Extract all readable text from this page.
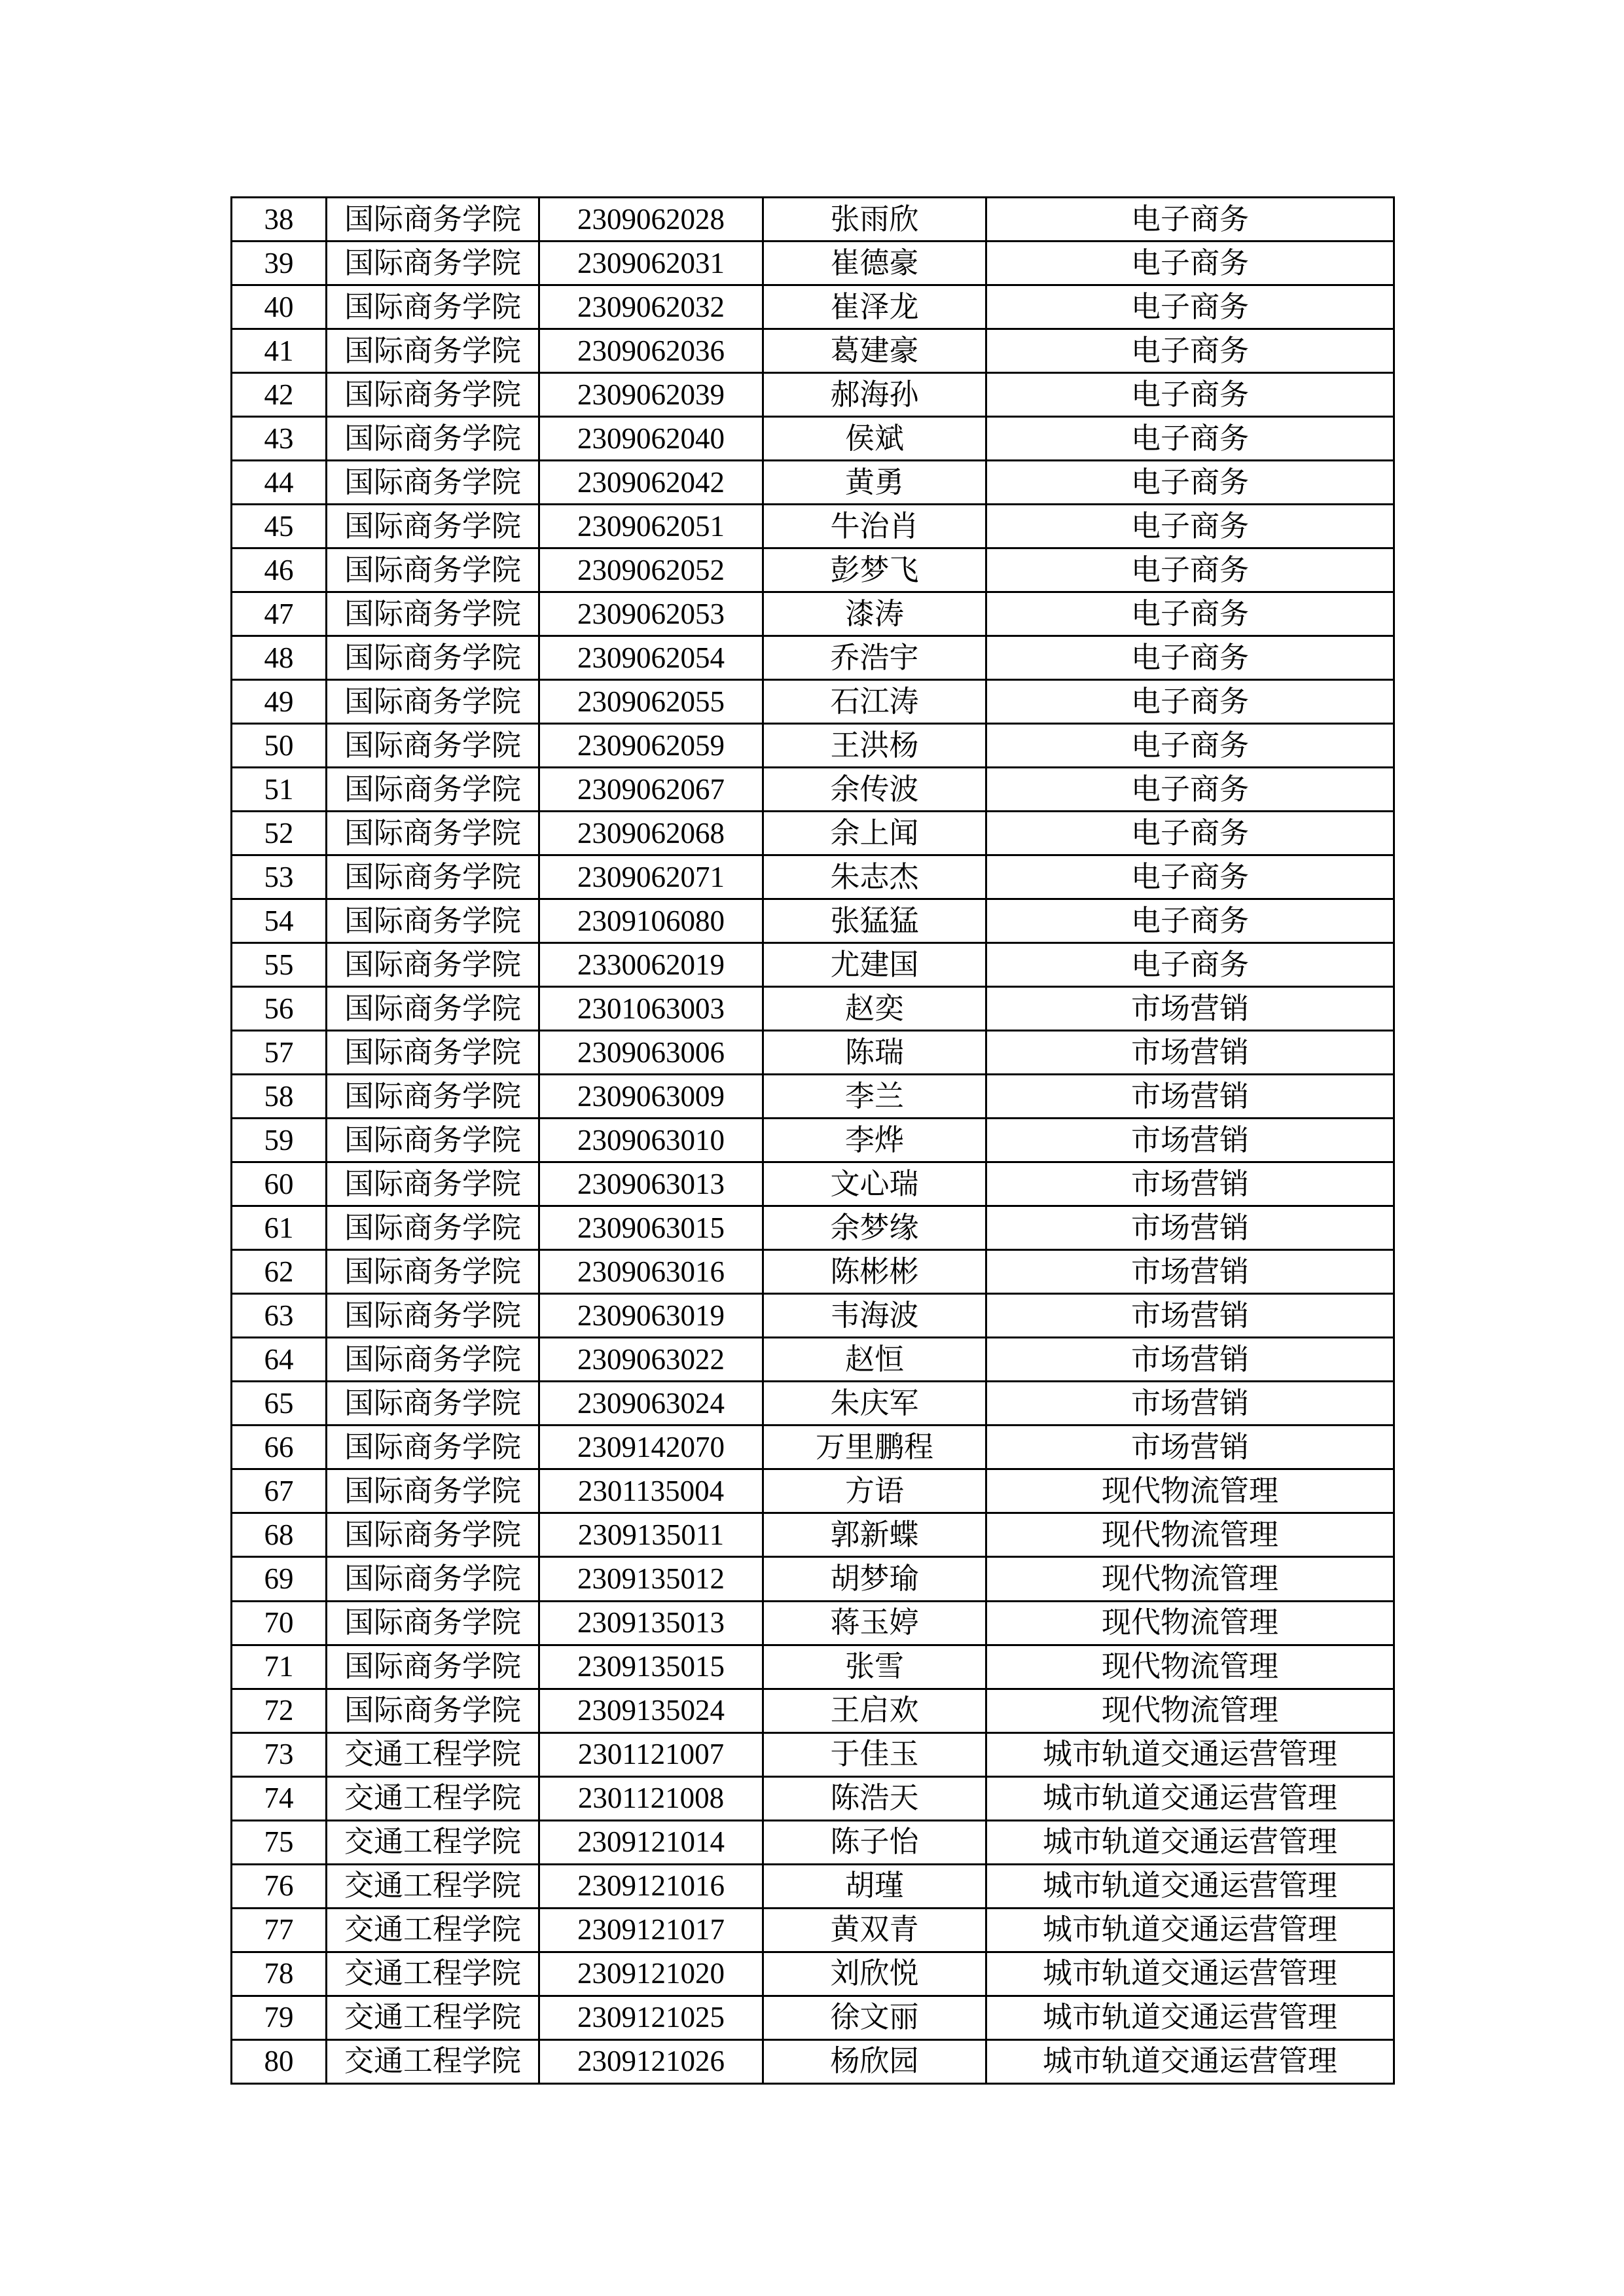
38	国际商务学院	2309062028	张雨欣	电子商务
39	国际商务学院	2309062031	崔德豪	电子商务
40	国际商务学院	2309062032	崔泽龙	电子商务
41	国际商务学院	2309062036	葛建豪	电子商务
42	国际商务学院	2309062039	郝海孙	电子商务
43	国际商务学院	2309062040	侯斌	电子商务
44	国际商务学院	2309062042	黄勇	电子商务
45	国际商务学院	2309062051	牛治肖	电子商务
46	国际商务学院	2309062052	彭梦飞	电子商务
47	国际商务学院	2309062053	漆涛	电子商务
48	国际商务学院	2309062054	乔浩宇	电子商务
49	国际商务学院	2309062055	石江涛	电子商务
50	国际商务学院	2309062059	王洪杨	电子商务
51	国际商务学院	2309062067	余传波	电子商务
52	国际商务学院	2309062068	余上闻	电子商务
53	国际商务学院	2309062071	朱志杰	电子商务
54	国际商务学院	2309106080	张猛猛	电子商务
55	国际商务学院	2330062019	尤建国	电子商务
56	国际商务学院	2301063003	赵奕	市场营销
57	国际商务学院	2309063006	陈瑞	市场营销
58	国际商务学院	2309063009	李兰	市场营销
59	国际商务学院	2309063010	李烨	市场营销
60	国际商务学院	2309063013	文心瑞	市场营销
61	国际商务学院	2309063015	余梦缘	市场营销
62	国际商务学院	2309063016	陈彬彬	市场营销
63	国际商务学院	2309063019	韦海波	市场营销
64	国际商务学院	2309063022	赵恒	市场营销
65	国际商务学院	2309063024	朱庆军	市场营销
66	国际商务学院	2309142070	万里鹏程	市场营销
67	国际商务学院	2301135004	方语	现代物流管理
68	国际商务学院	2309135011	郭新蝶	现代物流管理
69	国际商务学院	2309135012	胡梦瑜	现代物流管理
70	国际商务学院	2309135013	蒋玉婷	现代物流管理
71	国际商务学院	2309135015	张雪	现代物流管理
72	国际商务学院	2309135024	王启欢	现代物流管理
73	交通工程学院	2301121007	于佳玉	城市轨道交通运营管理
74	交通工程学院	2301121008	陈浩天	城市轨道交通运营管理
75	交通工程学院	2309121014	陈子怡	城市轨道交通运营管理
76	交通工程学院	2309121016	胡瑾	城市轨道交通运营管理
77	交通工程学院	2309121017	黄双青	城市轨道交通运营管理
78	交通工程学院	2309121020	刘欣悦	城市轨道交通运营管理
79	交通工程学院	2309121025	徐文丽	城市轨道交通运营管理
80	交通工程学院	2309121026	杨欣园	城市轨道交通运营管理
